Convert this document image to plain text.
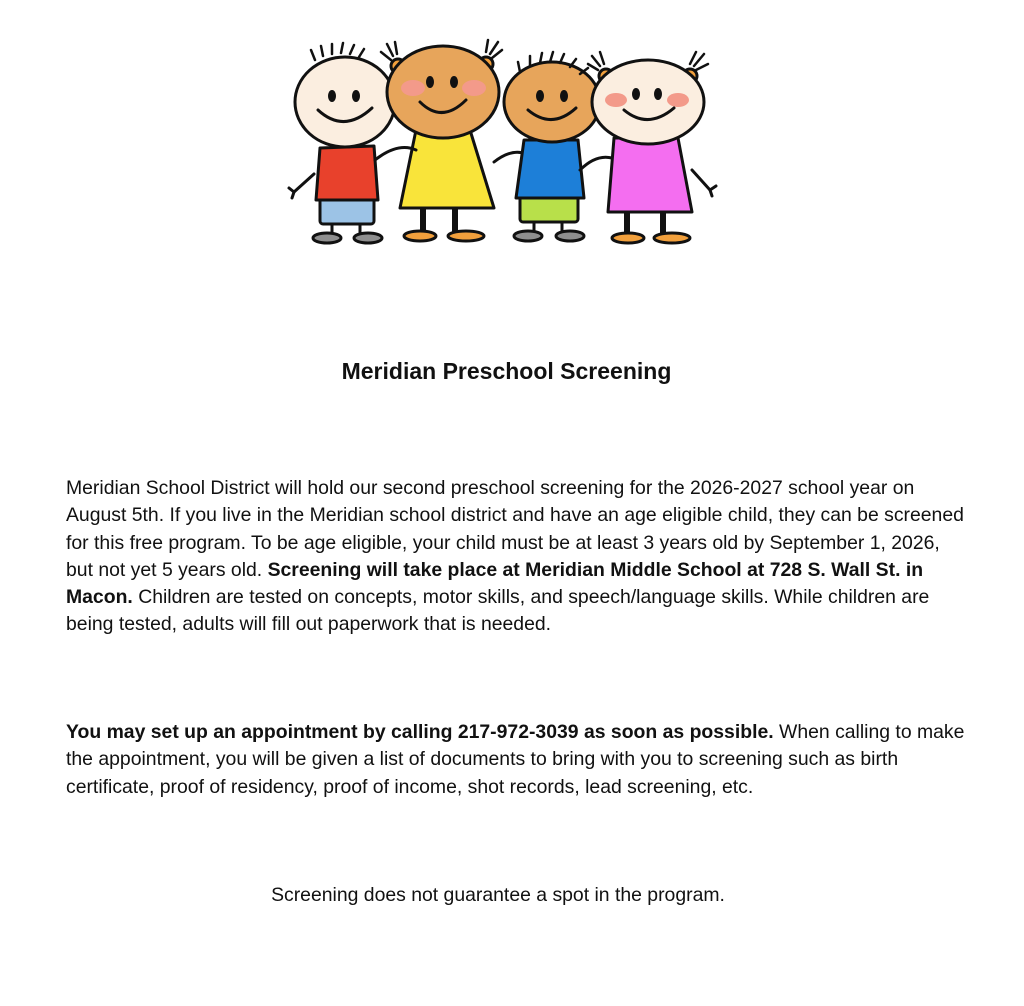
Meridian Preschool Screening

Meridian School District will hold our second preschool screening for the 2026-2027 school year on August 5th. If you live in the Meridian school district and have an age eligible child, they can be screened for this free program. To be age eligible, your child must be at least 3 years old by September 1, 2026, but not yet 5 years old. Screening will take place at Meridian Middle School at 728 S. Wall St. in Macon. Children are tested on concepts, motor skills, and speech/language skills. While children are being tested, adults will fill out paperwork that is needed.

You may set up an appointment by calling 217-972-3039 as soon as possible. When calling to make the appointment, you will be given a list of documents to bring with you to screening such as birth certificate, proof of residency, proof of income, shot records, lead screening, etc.

Screening does not guarantee a spot in the program.
